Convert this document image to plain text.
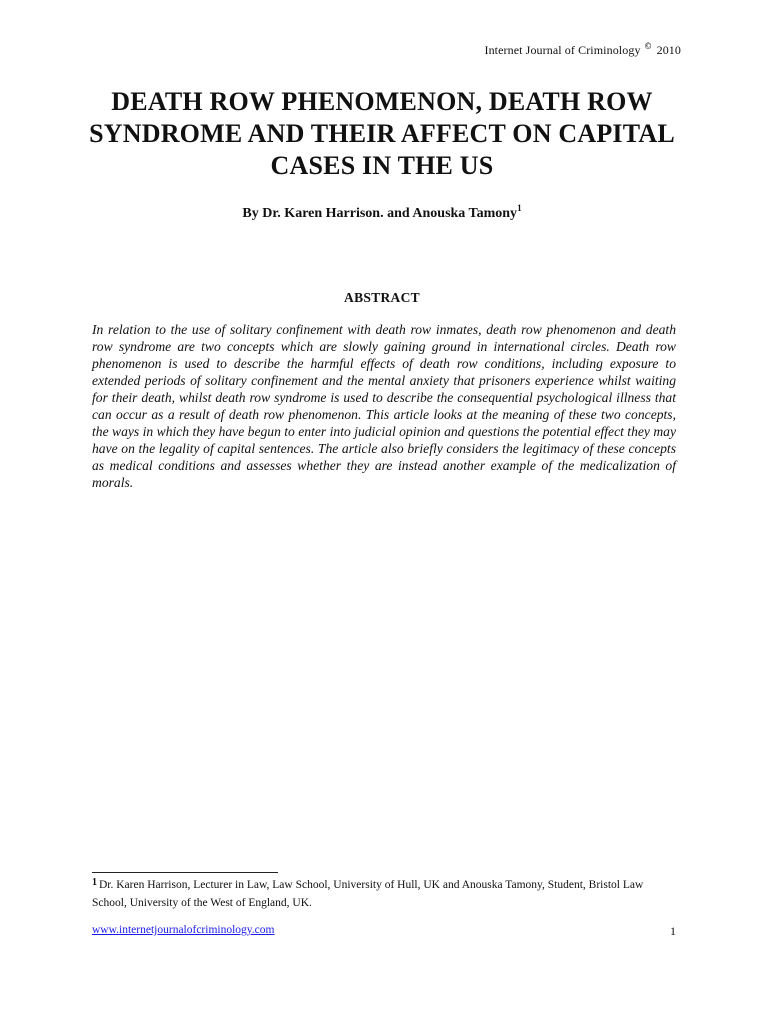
Internet Journal of Criminology © 2010
DEATH ROW PHENOMENON, DEATH ROW SYNDROME AND THEIR AFFECT ON CAPITAL CASES IN THE US
By Dr. Karen Harrison. and Anouska Tamony$^1$
ABSTRACT

In relation to the use of solitary confinement with death row inmates, death row phenomenon and death row syndrome are two concepts which are slowly gaining ground in international circles. Death row phenomenon is used to describe the harmful effects of death row conditions, including exposure to extended periods of solitary confinement and the mental anxiety that prisoners experience whilst waiting for their death, whilst death row syndrome is used to describe the consequential psychological illness that can occur as a result of death row phenomenon. This article looks at the meaning of these two concepts, the ways in which they have begun to enter into judicial opinion and questions the potential effect they may have on the legality of capital sentences. The article also briefly considers the legitimacy of these concepts as medical conditions and assesses whether they are instead another example of the medicalization of morals.

$^1$ Dr. Karen Harrison, Lecturer in Law, Law School, University of Hull, UK and Anouska Tamony, Student, Bristol Law School, University of the West of England, UK.
www.internetjournalofcriminology.com	1
